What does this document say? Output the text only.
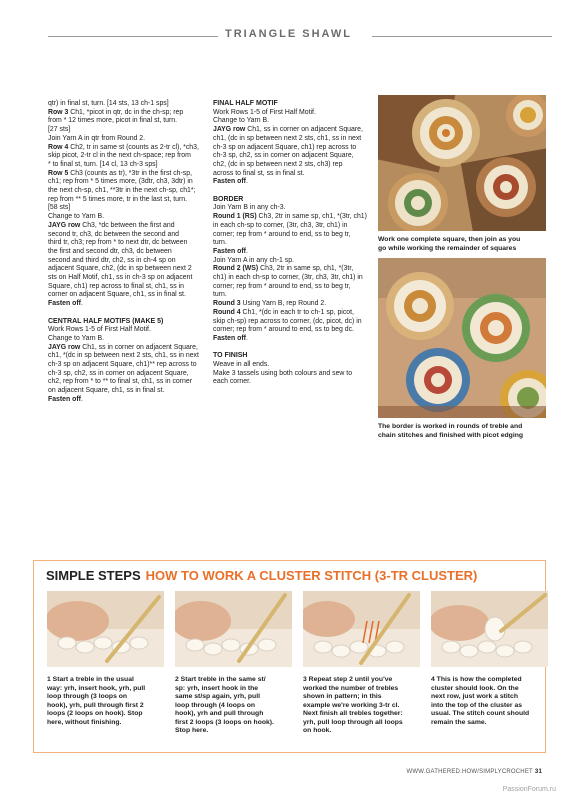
TRIANGLE SHAWL

qtr) in final st, turn. [14 sts, 13 ch-1 sps]

Row 3 Ch1, *picot in qtr, dc in the ch-sp; rep

from * 12 times more, picot in final st, turn.

[27 sts]

Join Yarn A in qtr from Round 2.

Row 4 Ch2, tr in same st (counts as 2-tr cl), *ch3,

skip picot, 2-tr cl in the next ch-space; rep from

* to final st, turn. [14 cl, 13 ch-3 sps]

Row 5 Ch3 (counts as tr), *3tr in the first ch-sp,

ch1; rep from * 5 times more, (3dtr, ch3, 3dtr) in

the next ch-sp, ch1, **3tr in the next ch-sp, ch1*;

rep from ** 5 times more, tr in the last st, turn.

[58 sts]

Change to Yarn B.

JAYG row Ch3, *dc between the first and

second tr, ch3, dc between the second and

third tr, ch3; rep from * to next dtr, dc between

the first and second dtr, ch3, dc between

second and third dtr, ch2, ss in ch-4 sp on

adjacent Square, ch2, (dc in sp between next 2

sts on Half Motif, ch1, ss in ch-3 sp on adjacent

Square, ch1) rep across to final st, ch1, ss in

corner on adjacent Square, ch1, ss in final st.

Fasten off.

CENTRAL HALF MOTIFS (MAKE 5)

Work Rows 1-5 of First Half Motif.

Change to Yarn B.

JAYG row Ch1, ss in corner on adjacent Square,

ch1, *(dc in sp between next 2 sts, ch1, ss in next

ch-3 sp on adjacent Square, ch1)** rep across to

ch-3 sp, ch2, ss in corner on adjacent Square,

ch2, rep from * to ** to final st, ch1, ss in corner

on adjacent Square, ch1, ss in final st.

Fasten off.

FINAL HALF MOTIF

Work Rows 1-5 of First Half Motif.

Change to Yarn B.

JAYG row Ch1, ss in corner on adjacent Square,

ch1, (dc in sp between next 2 sts, ch1, ss in next

ch-3 sp on adjacent Square, ch1) rep across to

ch-3 sp, ch2, ss in corner on adjacent Square,

ch2, (dc in sp between next 2 sts, ch3) rep

across to final st, ss in final st.

Fasten off.

BORDER

Join Yarn B in any ch-3.

Round 1 (RS) Ch3, 2tr in same sp, ch1, *(3tr, ch1)

in each ch-sp to corner, (3tr, ch3, 3tr, ch1) in

corner; rep from * around to end, ss to beg tr,

turn.

Fasten off.

Join Yarn A in any ch-1 sp.

Round 2 (WS) Ch3, 2tr in same sp, ch1, *(3tr,

ch1) in each ch-sp to corner, (3tr, ch3, 3tr, ch1) in

corner; rep from * around to end, ss to beg tr,

turn.

Round 3 Using Yarn B, rep Round 2.

Round 4 Ch1, *(dc in each tr to ch-1 sp, picot,

skip ch-sp) rep across to corner, (dc, picot, dc) in

corner; rep from * around to end, ss to beg dc.

Fasten off.

TO FINISH

Weave in all ends.

Make 3 tassels using both colours and sew to

each corner.

Work one complete square, then join as you

go while working the remainder of squares

The border is worked in rounds of treble and

chain stitches and finished with picot edging

SIMPLE STEPS HOW TO WORK A CLUSTER STITCH (3-TR CLUSTER)

1 Start a treble in the usual

way: yrh, insert hook, yrh, pull

loop through (3 loops on

hook), yrh, pull through first 2

loops (2 loops on hook). Stop

here, without finishing.

2 Start treble in the same st/

sp: yrh, insert hook in the

same st/sp again, yrh, pull

loop through (4 loops on

hook), yrh and pull through

first 2 loops (3 loops on hook).

Stop here.

3 Repeat step 2 until you've

worked the number of trebles

shown in pattern; in this

example we're working 3-tr cl.

Next finish all trebles together:

yrh, pull loop through all loops

on hook.

4 This is how the completed

cluster should look. On the

next row, just work a stitch

into the top of the cluster as

usual. The stitch count should

remain the same.

WWW.GATHERED.HOW/SIMPLYCROCHET 31
PassionForum.ru
